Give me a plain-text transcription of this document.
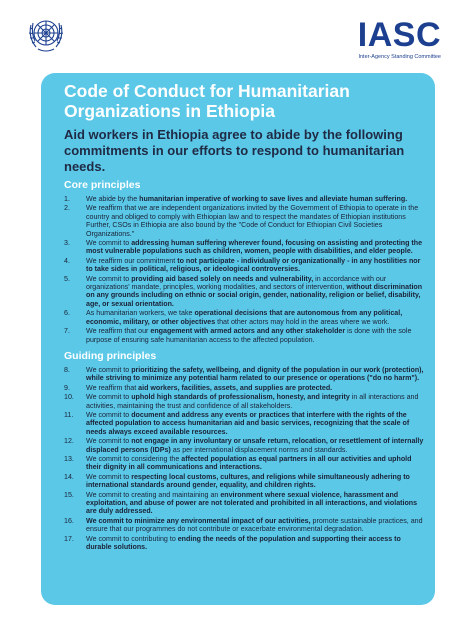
IASC
Inter-Agency Standing Committee
Code of Conduct for Humanitarian
Organizations in Ethiopia
Aid workers in Ethiopia agree to abide by the following commitments in our efforts to respond to humanitarian needs.
Core principles
1.	We abide by the humanitarian imperative of working to save lives and alleviate human suffering.
2.	We reaffirm that we are independent organizations invited by the Government of Ethiopia to operate in the country and obliged to comply with Ethiopian law and to respect the mandates of Ethiopian institutions Further, CSOs in Ethiopia are also bound by the "Code of Conduct for Ethiopian Civil Societies Organizations."
3.	We commit to addressing human suffering wherever found, focusing on assisting and protecting the most vulnerable populations such as children, women, people with disabilities, and elder people.
4.	We reaffirm our commitment to not participate - individually or organizationally - in any hostilities nor to take sides in political, religious, or ideological controversies.
5.	We commit to providing aid based solely on needs and vulnerability, in accordance with our organizations' mandate, principles, working modalities, and sectors of intervention, without discrimination on any grounds including on ethnic or social origin, gender, nationality, religion or belief, disability, age, or sexual orientation.
6.	As humanitarian workers, we take operational decisions that are autonomous from any political, economic, military, or other objectives that other actors may hold in the areas where we work.
7.	We reaffirm that our engagement with armed actors and any other stakeholder is done with the sole purpose of ensuring safe humanitarian access to the affected population.
Guiding principles
8.	We commit to prioritizing the safety, wellbeing, and dignity of the population in our work (protection), while striving to minimize any potential harm related to our presence or operations ("do no harm").
9.	We reaffirm that aid workers, facilities, assets, and supplies are protected.
10.	We commit to uphold high standards of professionalism, honesty, and integrity in all interactions and activities, maintaining the trust and confidence of all stakeholders.
11.	We commit to document and address any events or practices that interfere with the rights of the affected population to access humanitarian aid and basic services, recognizing that the scale of needs always exceed available resources.
12.	We commit to not engage in any involuntary or unsafe return, relocation, or resettlement of internally displaced persons (IDPs) as per international displacement norms and standards.
13.	We commit to considering the affected population as equal partners in all our activities and uphold their dignity in all communications and interactions.
14.	We commit to respecting local customs, cultures, and religions while simultaneously adhering to international standards around gender, equality, and children rights.
15.	We commit to creating and maintaining an environment where sexual violence, harassment and exploitation, and abuse of power are not tolerated and prohibited in all interactions, and violations are duly addressed.
16.	We commit to minimize any environmental impact of our activities, promote sustainable practices, and ensure that our programmes do not contribute or exacerbate environmental degradation.
17.	We commit to contributing to ending the needs of the population and supporting their access to durable solutions.
